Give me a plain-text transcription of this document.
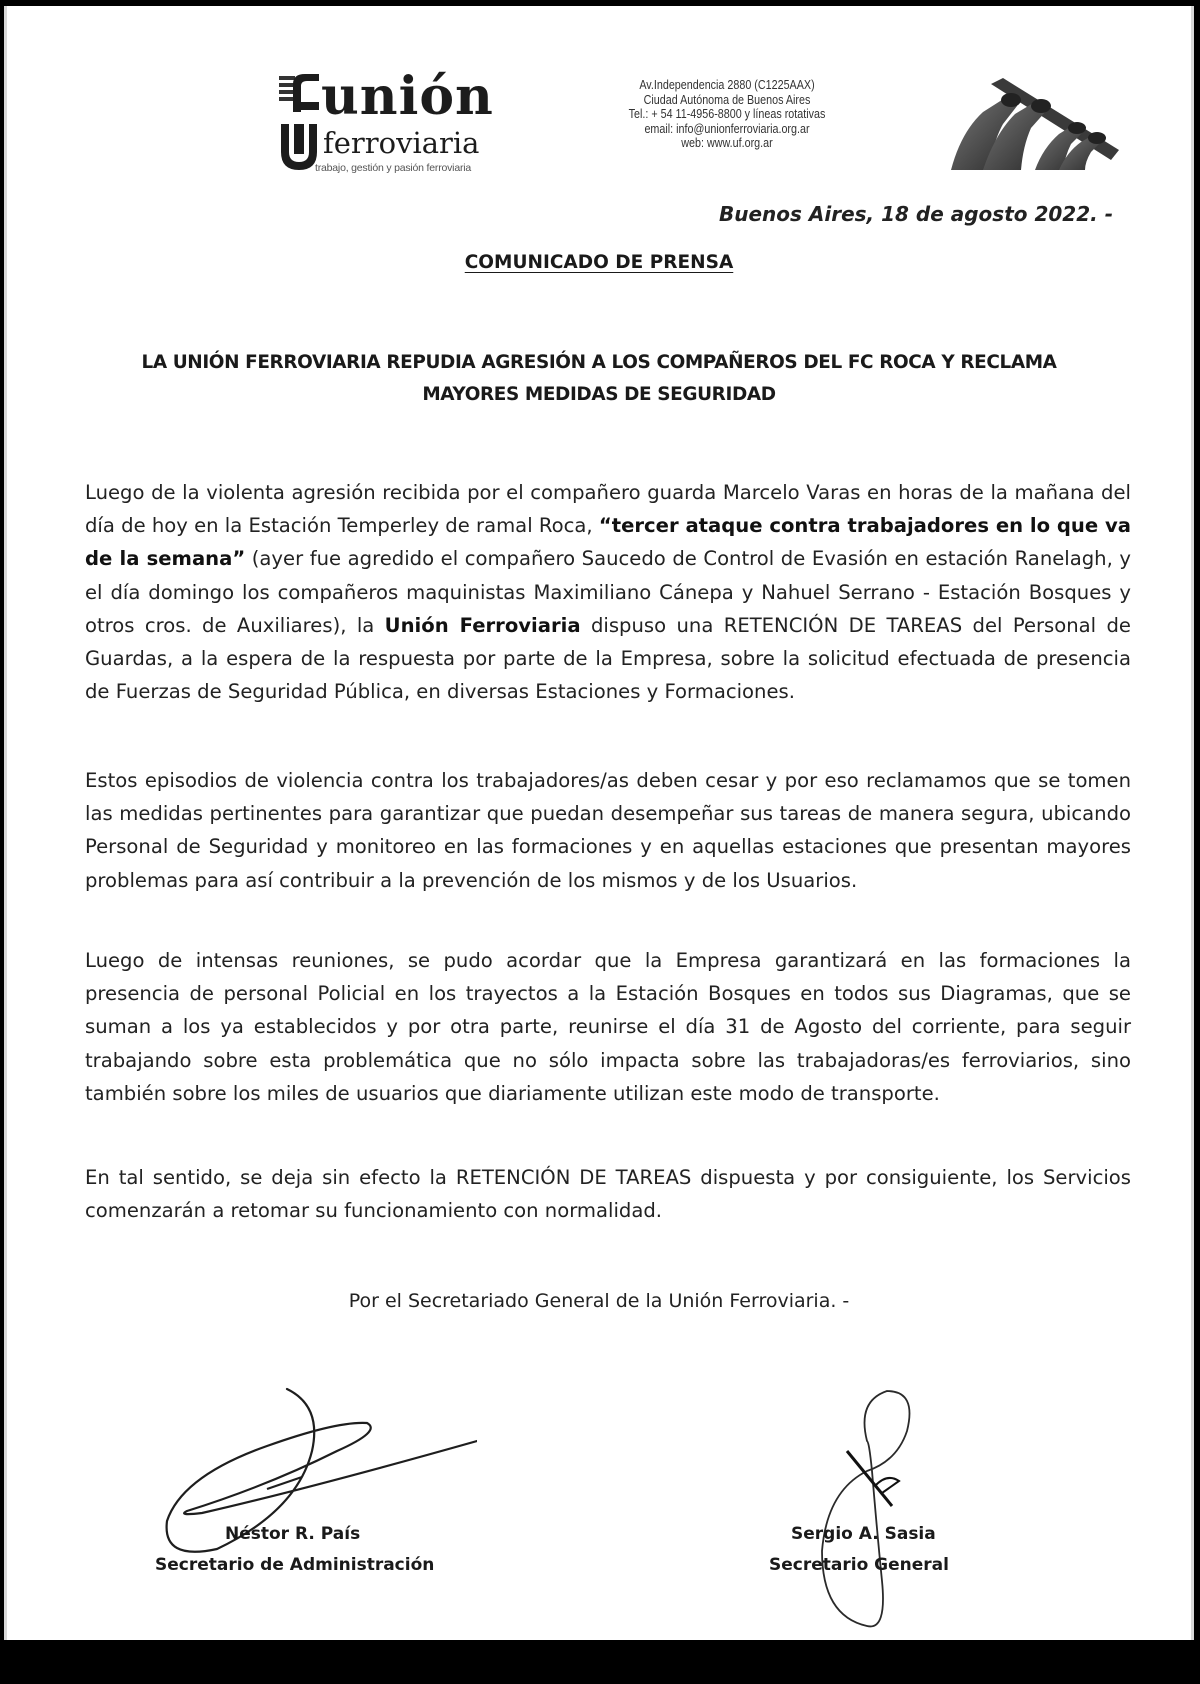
unión
ferroviaria
trabajo, gestión y pasión ferroviaria
Av.Independencia 2880 (C1225AAX)
Ciudad Autónoma de Buenos Aires
Tel.: + 54 11-4956-8800 y líneas rotativas
email: info@unionferroviaria.org.ar
web: www.uf.org.ar
Buenos Aires, 18 de agosto 2022. -
COMUNICADO DE PRENSA
LA UNIÓN FERROVIARIA REPUDIA AGRESIÓN A LOS COMPAÑEROS DEL FC ROCA Y RECLAMA
MAYORES MEDIDAS DE SEGURIDAD
Luego de la violenta agresión recibida por el compañero guarda Marcelo Varas en horas de la mañana del día de hoy en la Estación Temperley de ramal Roca, “tercer ataque contra trabajadores en lo que va de la semana” (ayer fue agredido el compañero Saucedo de Control de Evasión en estación Ranelagh, y el día domingo los compañeros maquinistas Maximiliano Cánepa y Nahuel Serrano - Estación Bosques y otros cros. de Auxiliares), la Unión Ferroviaria dispuso una RETENCIÓN DE TAREAS del Personal de Guardas, a la espera de la respuesta por parte de la Empresa, sobre la solicitud efectuada de presencia de Fuerzas de Seguridad Pública, en diversas Estaciones y Formaciones.
Estos episodios de violencia contra los trabajadores/as deben cesar y por eso reclamamos que se tomen las medidas pertinentes para garantizar que puedan desempeñar sus tareas de manera segura, ubicando Personal de Seguridad y monitoreo en las formaciones y en aquellas estaciones que presentan mayores problemas para así contribuir a la prevención de los mismos y de los Usuarios.
Luego de intensas reuniones, se pudo acordar que la Empresa garantizará en las formaciones la presencia de personal Policial en los trayectos a la Estación Bosques en todos sus Diagramas, que se suman a los ya establecidos y por otra parte, reunirse el día 31 de Agosto del corriente, para seguir trabajando sobre esta problemática que no sólo impacta sobre las trabajadoras/es ferroviarios, sino también sobre los miles de usuarios que diariamente utilizan este modo de transporte.
En tal sentido, se deja sin efecto la RETENCIÓN DE TAREAS dispuesta y por consiguiente, los Servicios comenzarán a retomar su funcionamiento con normalidad.
Por el Secretariado General de la Unión Ferroviaria. -
Néstor R. País
Secretario de Administración
Sergio A. Sasia
Secretario General
